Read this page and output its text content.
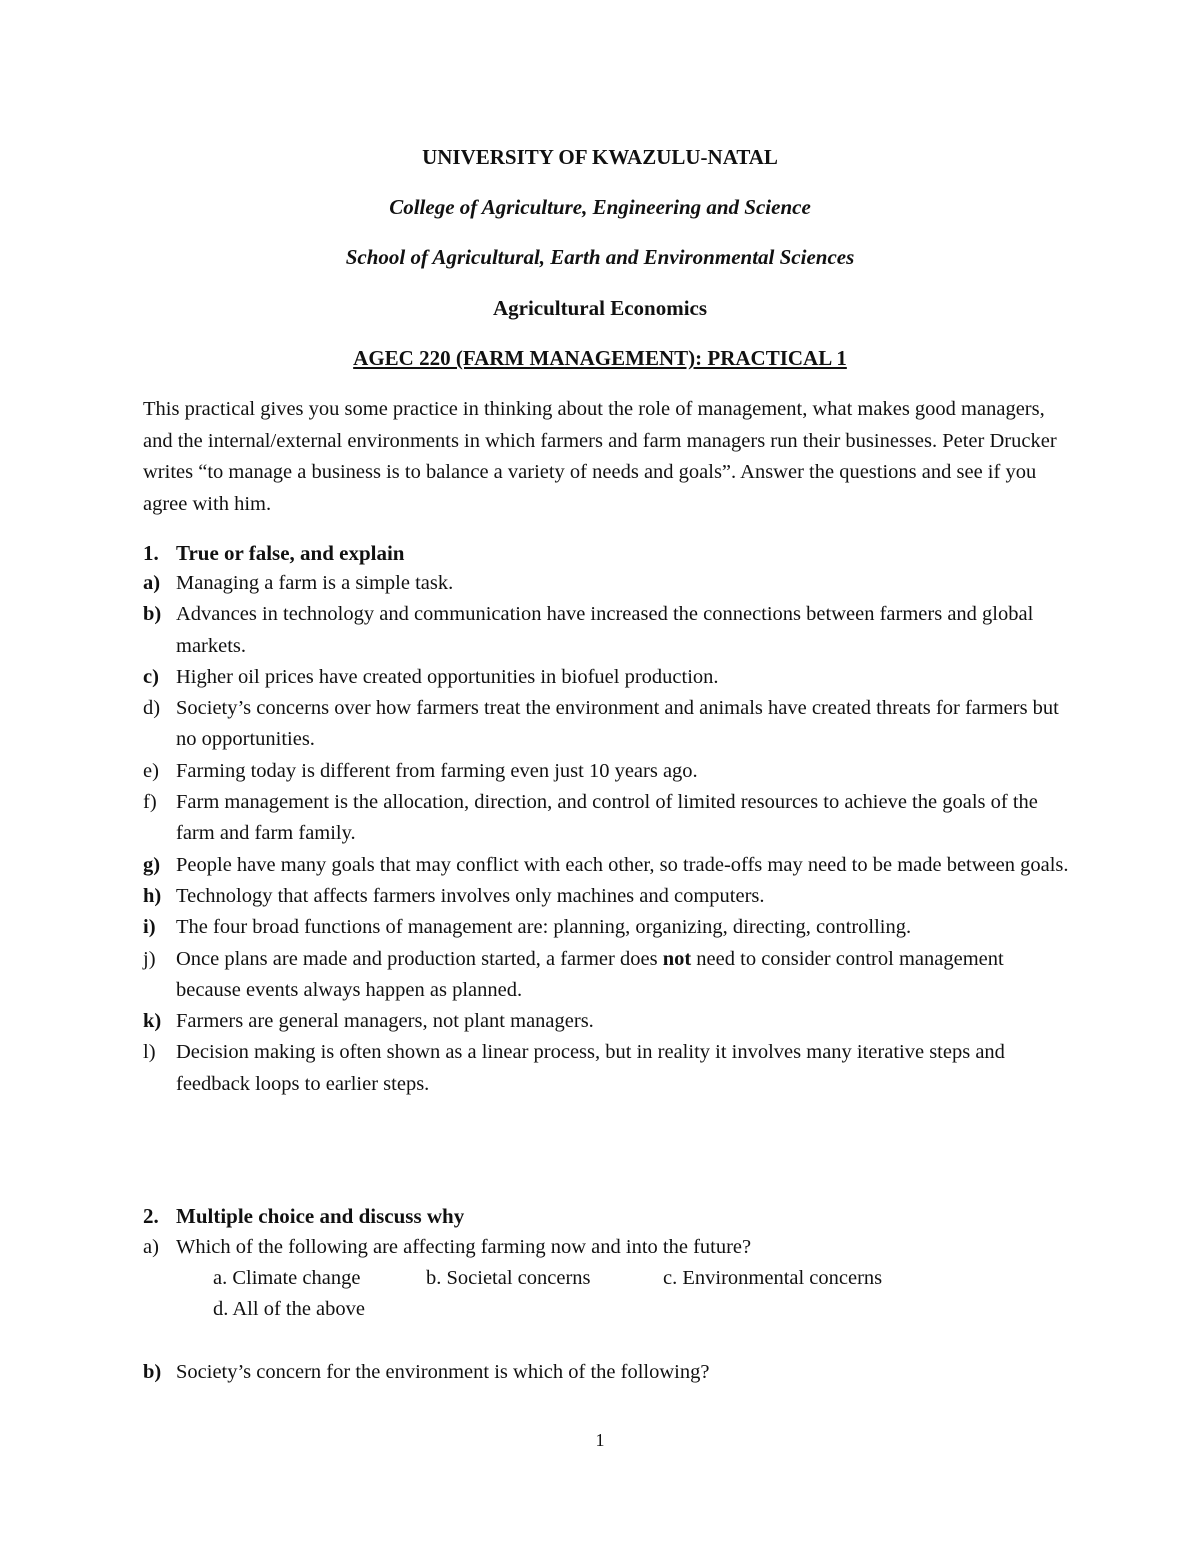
UNIVERSITY OF KWAZULU-NATAL
College of Agriculture, Engineering and Science
School of Agricultural, Earth and Environmental Sciences
Agricultural Economics
AGEC 220 (FARM MANAGEMENT): PRACTICAL 1

This practical gives you some practice in thinking about the role of management, what makes good managers, and the internal/external environments in which farmers and farm managers run their businesses. Peter Drucker writes “to manage a business is to balance a variety of needs and goals”. Answer the questions and see if you agree with him.

1. True or false, and explain
a) Managing a farm is a simple task.
b) Advances in technology and communication have increased the connections between farmers and global markets.
c) Higher oil prices have created opportunities in biofuel production.
d) Society’s concerns over how farmers treat the environment and animals have created threats for farmers but no opportunities.
e) Farming today is different from farming even just 10 years ago.
f) Farm management is the allocation, direction, and control of limited resources to achieve the goals of the farm and farm family.
g) People have many goals that may conflict with each other, so trade-offs may need to be made between goals.
h) Technology that affects farmers involves only machines and computers.
i) The four broad functions of management are: planning, organizing, directing, controlling.
j) Once plans are made and production started, a farmer does not need to consider control management because events always happen as planned.
k) Farmers are general managers, not plant managers.
l) Decision making is often shown as a linear process, but in reality it involves many iterative steps and feedback loops to earlier steps.
2. Multiple choice and discuss why
a) Which of the following are affecting farming now and into the future?
a. Climate change	b. Societal concerns	c. Environmental concerns
d. All of the above
b) Society’s concern for the environment is which of the following?
1
